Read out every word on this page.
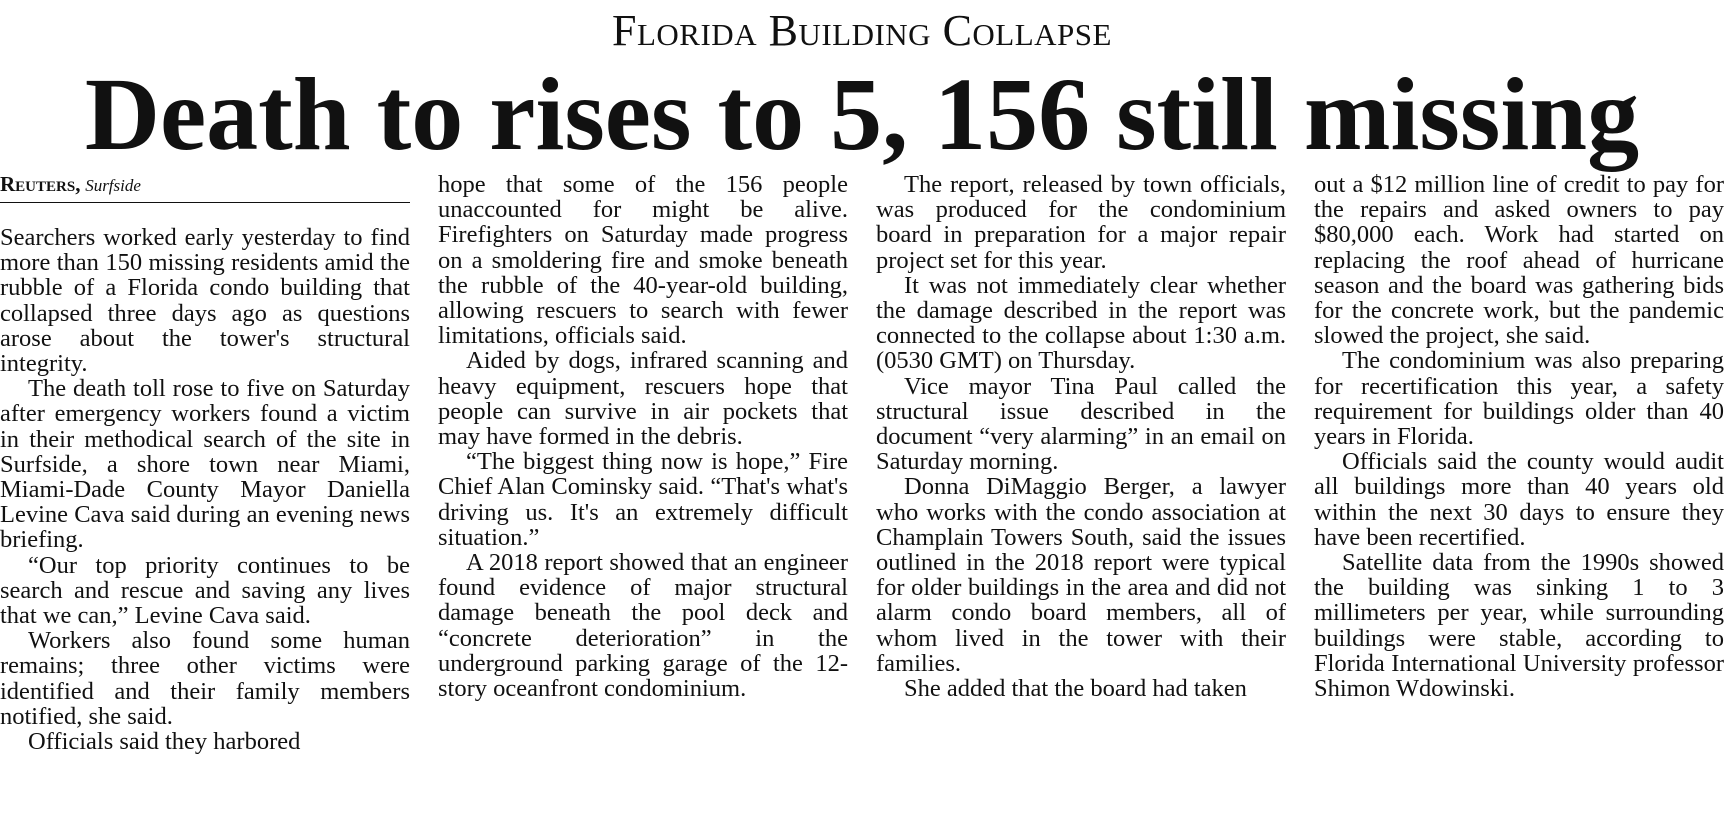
Florida Building Collapse
Death to rises to 5, 156 still missing
Reuters, Surfside

Searchers worked early yesterday to find more than 150 missing residents amid the rubble of a Florida condo building that collapsed three days ago as questions arose about the tower's structural integrity.

The death toll rose to five on Saturday after emergency workers found a victim in their methodical search of the site in Surfside, a shore town near Miami, Miami-Dade County Mayor Daniella Levine Cava said during an evening news briefing.

“Our top priority continues to be search and rescue and saving any lives that we can,” Levine Cava said.

Workers also found some human remains; three other victims were identified and their family members notified, she said.

Officials said they harbored

hope that some of the 156 people unaccounted for might be alive. Firefighters on Saturday made progress on a smoldering fire and smoke beneath the rubble of the 40-year-old building, allowing rescuers to search with fewer limitations, officials said.

Aided by dogs, infrared scanning and heavy equipment, rescuers hope that people can survive in air pockets that may have formed in the debris.

“The biggest thing now is hope,” Fire Chief Alan Cominsky said. “That's what's driving us. It's an extremely difficult situation.”

A 2018 report showed that an engineer found evidence of major structural damage beneath the pool deck and “concrete deterioration” in the underground parking garage of the 12-story oceanfront condominium.

The report, released by town officials, was produced for the condominium board in preparation for a major repair project set for this year.

It was not immediately clear whether the damage described in the report was connected to the collapse about 1:30 a.m. (0530 GMT) on Thursday.

Vice mayor Tina Paul called the structural issue described in the document “very alarming” in an email on Saturday morning.

Donna DiMaggio Berger, a lawyer who works with the condo association at Champlain Towers South, said the issues outlined in the 2018 report were typical for older buildings in the area and did not alarm condo board members, all of whom lived in the tower with their families.

She added that the board had taken

out a $12 million line of credit to pay for the repairs and asked owners to pay $80,000 each. Work had started on replacing the roof ahead of hurricane season and the board was gathering bids for the concrete work, but the pandemic slowed the project, she said.

The condominium was also preparing for recertification this year, a safety requirement for buildings older than 40 years in Florida.

Officials said the county would audit all buildings more than 40 years old within the next 30 days to ensure they have been recertified.

Satellite data from the 1990s showed the building was sinking 1 to 3 millimeters per year, while surrounding buildings were stable, according to Florida International University professor Shimon Wdowinski.
